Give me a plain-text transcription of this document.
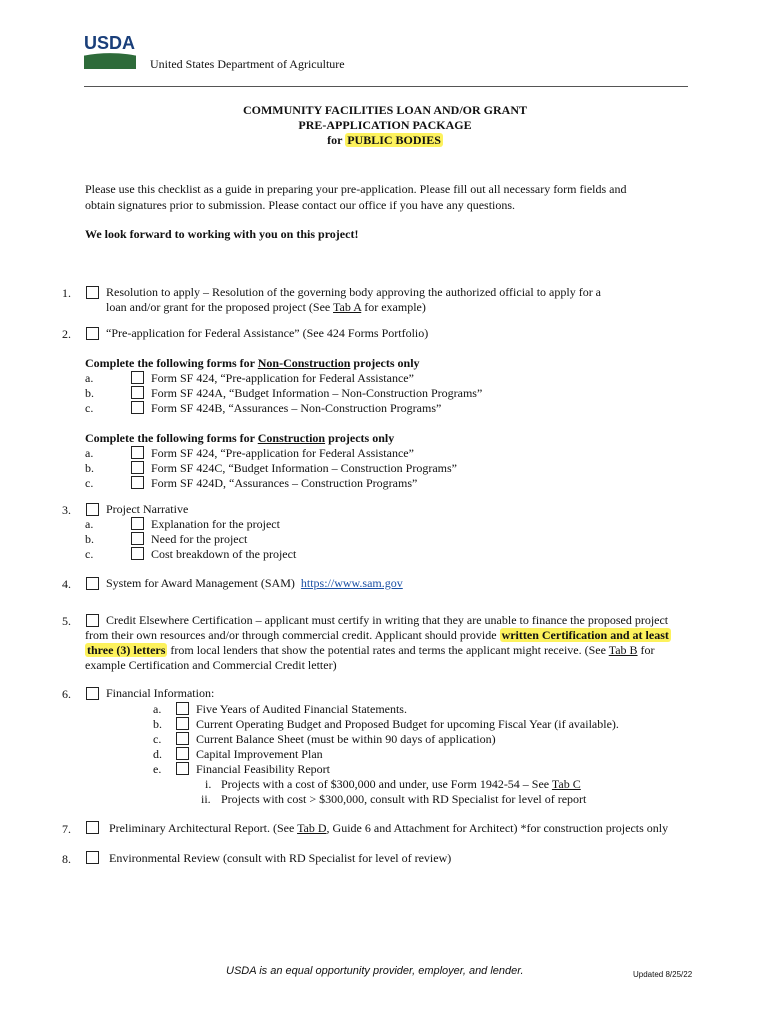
USDA
United States Department of Agriculture
COMMUNITY FACILITIES LOAN AND/OR GRANT
PRE-APPLICATION PACKAGE
for PUBLIC BODIES
Please use this checklist as a guide in preparing your pre-application. Please fill out all necessary form fields and
obtain signatures prior to submission. Please contact our office if you have any questions.
We look forward to working with you on this project!
1.	Resolution to apply – Resolution of the governing body approving the authorized official to apply for a
loan and/or grant for the proposed project (See Tab A for example)
2.	“Pre-application for Federal Assistance” (See 424 Forms Portfolio)
Complete the following forms for Non-Construction projects only
a.	Form SF 424, “Pre-application for Federal Assistance”
b.	Form SF 424A, “Budget Information – Non-Construction Programs”
c.	Form SF 424B, “Assurances – Non-Construction Programs”
Complete the following forms for Construction projects only
a.	Form SF 424, “Pre-application for Federal Assistance”
b.	Form SF 424C, “Budget Information – Construction Programs”
c.	Form SF 424D, “Assurances – Construction Programs”
3.	Project Narrative
a.	Explanation for the project
b.	Need for the project
c.	Cost breakdown of the project
4.	System for Award Management (SAM) https://www.sam.gov
5.	Credit Elsewhere Certification – applicant must certify in writing that they are unable to finance the proposed project
from their own resources and/or through commercial credit. Applicant should provide written Certification and at least
three (3) letters from local lenders that show the potential rates and terms the applicant might receive. (See Tab B for
example Certification and Commercial Credit letter)
6.	Financial Information:
a.	Five Years of Audited Financial Statements.
b.	Current Operating Budget and Proposed Budget for upcoming Fiscal Year (if available).
c.	Current Balance Sheet (must be within 90 days of application)
d.	Capital Improvement Plan
e.	Financial Feasibility Report
i. Projects with a cost of $300,000 and under, use Form 1942-54 – See Tab C
ii. Projects with cost > $300,000, consult with RD Specialist for level of report
7.	Preliminary Architectural Report. (See Tab D, Guide 6 and Attachment for Architect) *for construction projects only
8.	Environmental Review (consult with RD Specialist for level of review)
USDA is an equal opportunity provider, employer, and lender.	Updated 8/25/22
